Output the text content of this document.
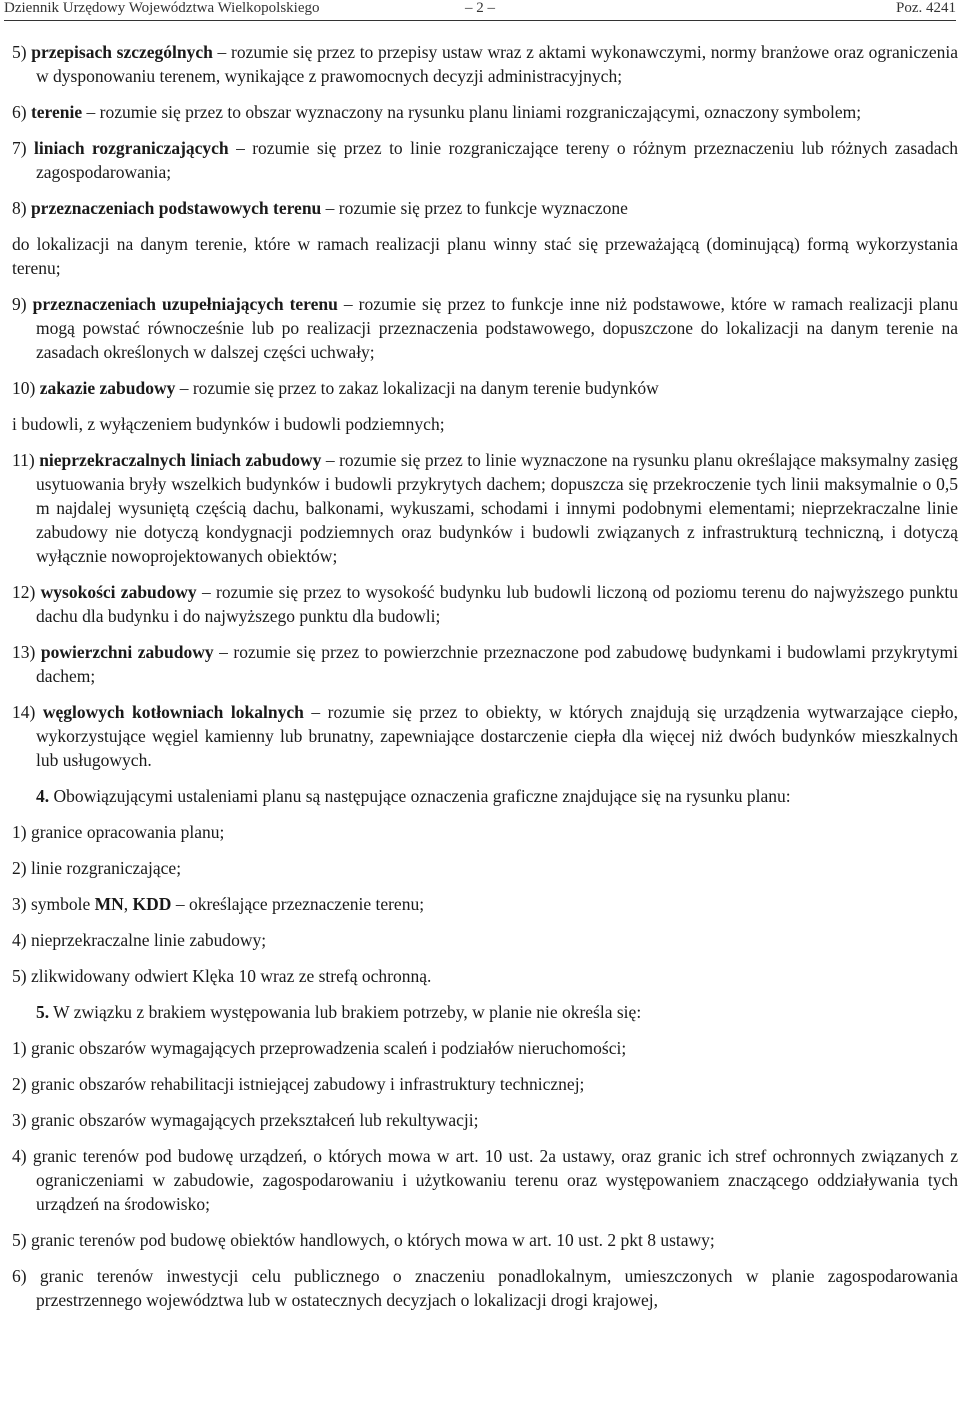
Dziennik Urzędowy Województwa Wielkopolskiego	– 2 –	Poz. 4241

5) przepisach szczególnych – rozumie się przez to przepisy ustaw wraz z aktami wykonawczymi, normy branżowe oraz ograniczenia w dysponowaniu terenem, wynikające z prawomocnych decyzji administracyjnych;

6) terenie – rozumie się przez to obszar wyznaczony na rysunku planu liniami rozgraniczającymi, oznaczony symbolem;

7) liniach rozgraniczających – rozumie się przez to linie rozgraniczające tereny o różnym przeznaczeniu lub różnych zasadach zagospodarowania;

8) przeznaczeniach podstawowych terenu – rozumie się przez to funkcje wyznaczone

do lokalizacji na danym terenie, które w ramach realizacji planu winny stać się przeważającą (dominującą) formą wykorzystania terenu;

9) przeznaczeniach uzupełniających terenu – rozumie się przez to funkcje inne niż podstawowe, które w ramach realizacji planu mogą powstać równocześnie lub po realizacji przeznaczenia podstawowego, dopuszczone do lokalizacji na danym terenie na zasadach określonych w dalszej części uchwały;

10) zakazie zabudowy – rozumie się przez to zakaz lokalizacji na danym terenie budynków

i budowli, z wyłączeniem budynków i budowli podziemnych;

11) nieprzekraczalnych liniach zabudowy – rozumie się przez to linie wyznaczone na rysunku planu określające maksymalny zasięg usytuowania bryły wszelkich budynków i budowli przykrytych dachem; dopuszcza się przekroczenie tych linii maksymalnie o 0,5 m najdalej wysuniętą częścią dachu, balkonami, wykuszami, schodami i innymi podobnymi elementami; nieprzekraczalne linie zabudowy nie dotyczą kondygnacji podziemnych oraz budynków i budowli związanych z infrastrukturą techniczną, i dotyczą wyłącznie nowoprojektowanych obiektów;

12) wysokości zabudowy – rozumie się przez to wysokość budynku lub budowli liczoną od poziomu terenu do najwyższego punktu dachu dla budynku i do najwyższego punktu dla budowli;

13) powierzchni zabudowy – rozumie się przez to powierzchnie przeznaczone pod zabudowę budynkami i budowlami przykrytymi dachem;

14) węglowych kotłowniach lokalnych – rozumie się przez to obiekty, w których znajdują się urządzenia wytwarzające ciepło, wykorzystujące węgiel kamienny lub brunatny, zapewniające dostarczenie ciepła dla więcej niż dwóch budynków mieszkalnych lub usługowych.

4. Obowiązującymi ustaleniami planu są następujące oznaczenia graficzne znajdujące się na rysunku planu:

1) granice opracowania planu;

2) linie rozgraniczające;

3) symbole MN, KDD – określające przeznaczenie terenu;

4) nieprzekraczalne linie zabudowy;

5) zlikwidowany odwiert Klęka 10 wraz ze strefą ochronną.

5. W związku z brakiem występowania lub brakiem potrzeby, w planie nie określa się:

1) granic obszarów wymagających przeprowadzenia scaleń i podziałów nieruchomości;

2) granic obszarów rehabilitacji istniejącej zabudowy i infrastruktury technicznej;

3) granic obszarów wymagających przekształceń lub rekultywacji;

4) granic terenów pod budowę urządzeń, o których mowa w art. 10 ust. 2a ustawy, oraz granic ich stref ochronnych związanych z ograniczeniami w zabudowie, zagospodarowaniu i użytkowaniu terenu oraz występowaniem znaczącego oddziaływania tych urządzeń na środowisko;

5) granic terenów pod budowę obiektów handlowych, o których mowa w art. 10 ust. 2 pkt 8 ustawy;

6) granic terenów inwestycji celu publicznego o znaczeniu ponadlokalnym, umieszczonych w planie zagospodarowania przestrzennego województwa lub w ostatecznych decyzjach o lokalizacji drogi krajowej,
